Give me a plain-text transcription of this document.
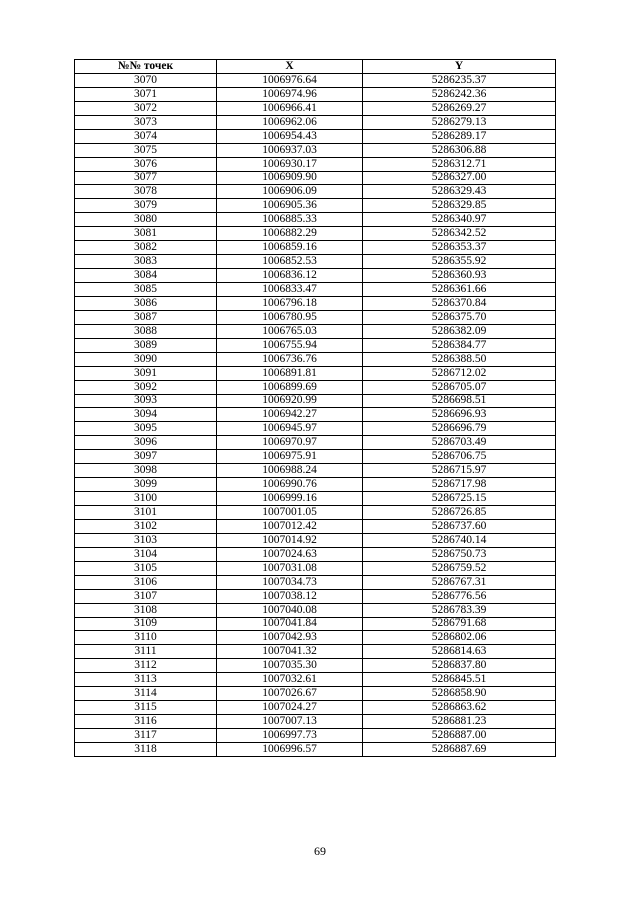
№№ точек	X	Y
3070	1006976.64	5286235.37
3071	1006974.96	5286242.36
3072	1006966.41	5286269.27
3073	1006962.06	5286279.13
3074	1006954.43	5286289.17
3075	1006937.03	5286306.88
3076	1006930.17	5286312.71
3077	1006909.90	5286327.00
3078	1006906.09	5286329.43
3079	1006905.36	5286329.85
3080	1006885.33	5286340.97
3081	1006882.29	5286342.52
3082	1006859.16	5286353.37
3083	1006852.53	5286355.92
3084	1006836.12	5286360.93
3085	1006833.47	5286361.66
3086	1006796.18	5286370.84
3087	1006780.95	5286375.70
3088	1006765.03	5286382.09
3089	1006755.94	5286384.77
3090	1006736.76	5286388.50
3091	1006891.81	5286712.02
3092	1006899.69	5286705.07
3093	1006920.99	5286698.51
3094	1006942.27	5286696.93
3095	1006945.97	5286696.79
3096	1006970.97	5286703.49
3097	1006975.91	5286706.75
3098	1006988.24	5286715.97
3099	1006990.76	5286717.98
3100	1006999.16	5286725.15
3101	1007001.05	5286726.85
3102	1007012.42	5286737.60
3103	1007014.92	5286740.14
3104	1007024.63	5286750.73
3105	1007031.08	5286759.52
3106	1007034.73	5286767.31
3107	1007038.12	5286776.56
3108	1007040.08	5286783.39
3109	1007041.84	5286791.68
3110	1007042.93	5286802.06
3111	1007041.32	5286814.63
3112	1007035.30	5286837.80
3113	1007032.61	5286845.51
3114	1007026.67	5286858.90
3115	1007024.27	5286863.62
3116	1007007.13	5286881.23
3117	1006997.73	5286887.00
3118	1006996.57	5286887.69
69
